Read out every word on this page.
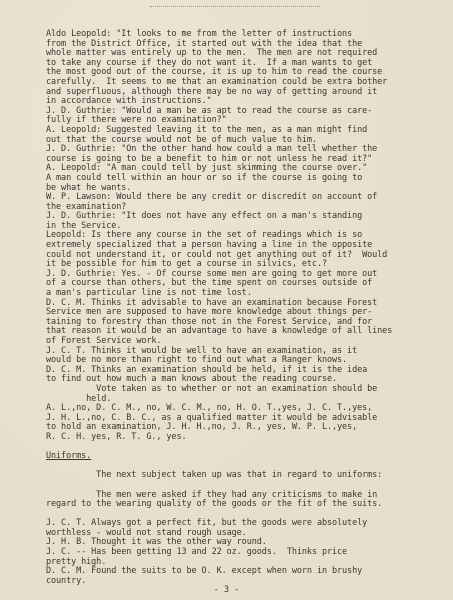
Aldo Leopold: "It looks to me from the letter of instructions
from the District Office, it started out with the idea that the
whole matter was entirely up to the men.  The men are not required
to take any course if they do not want it.  If a man wants to get
the most good out of the course, it is up to him to read the course
carefully.  It seems to me that an examination could be extra bother
and superfluous, although there may be no way of getting around it
in accordance with instructions."
J. D. Guthrie: "Would a man be as apt to read the course as care-
fully if there were no examination?"
A. Leopold: Suggested leaving it to the men, as a man might find
out that the course would not be of much value to him.
J. D. Guthrie: "On the other hand how could a man tell whether the
course is going to be a benefit to him or not unless he read it?"
A. Leopold: "A man could tell by just skimming the course over."
A man could tell within an hour or so if the course is going to
be what he wants.
W. P. Lawson: Would there be any credit or discredit on account of
the examination?
J. D. Guthrie: "It does not have any effect on a man's standing
in the Service.
Leopold: Is there any course in the set of readings which is so
extremely specialized that a person having a line in the opposite
could not understand it, or could not get anything out of it?  Would
it be possible for him to get a course in silvics, etc.?
J. D. Guthrie: Yes. - Of course some men are going to get more out
of a course than others, but the time spent on courses outside of
a man's particular line is not time lost.
D. C. M. Thinks it advisable to have an examination because Forest
Service men are supposed to have more knowledge about things per-
taining to forestry than those not in the Forest Service, and for
that reason it would be an advantage to have a knowledge of all lines
of Forest Service work.
J. C. T. Thinks it would be well to have an examination, as it
would be no more than right to find out what a Ranger knows.
D. C. M. Thinks an examination should be held, if it is the idea
to find out how much a man knows about the reading course.
Vote taken as to whether or not an examination should be
held.
A. L.,no, D. C. M., no, W. C. M., no, H. O. T.,yes, J. C. T.,yes,
J. H. L.,no, C. B. C., as a qualified matter it would be advisable
to hold an examination, J. H. H.,no, J. R., yes, W. P. L.,yes,
R. C. H. yes, R. T. G., yes.
Uniforms.
The next subject taken up was that in regard to uniforms:
The men were asked if they had any criticisms to make in
regard to the wearing quality of the goods or the fit of the suits.
J. C. T. Always got a perfect fit, but the goods were absolutely
worthless - would not stand rough usage.
J. H. B. Thought it was the other way round.
J. C. -- Has been getting 13 and 22 oz. goods.  Thinks price
pretty high.
D. C. M. Found the suits to be O. K. except when worn in brushy
country.
- 3 -
